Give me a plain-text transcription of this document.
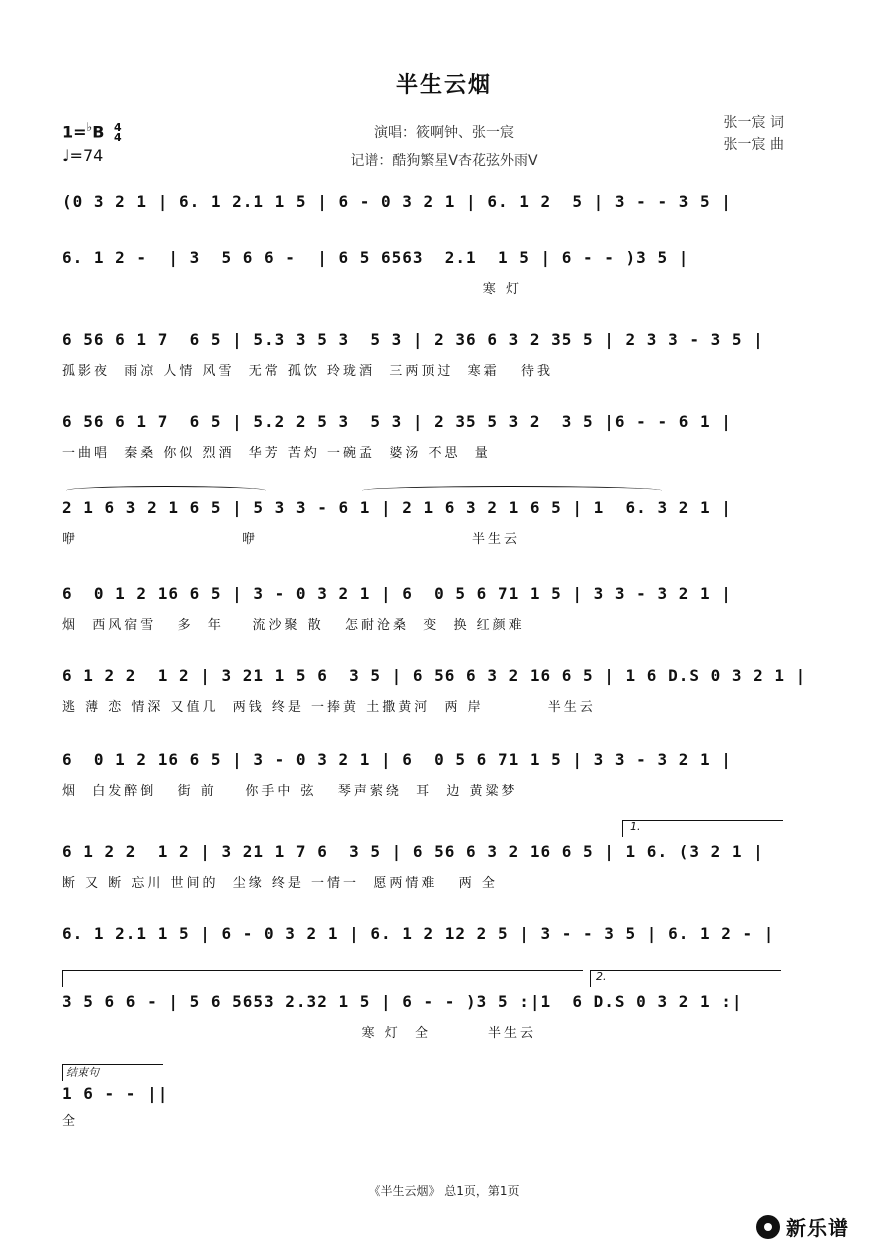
半生云烟
1=♭B 4
4
♩=74
演唱：筱啊钟、张一宸
记谱：酷狗繁星V杏花弦外雨V
张一宸 词
张一宸 曲
(0 3 2 1 | 6. 1 2.1 1 5 | 6 - 0 3 2 1 | 6. 1 2  5 | 3 - - 3 5 |
6. 1 2 -  | 3  5 6 6 -  | 6 5 6563  2.1  1 5 | 6 - - )3 5 |
寒 灯
6 56 6 1 7  6 5 | 5.3 3 5 3  5 3 | 2 36 6 3 2 35 5 | 2 3 3 - 3 5 |
孤影夜  雨凉 人情 风雪  无常 孤饮 玲珑酒  三两顶过  寒霜   待我
6 56 6 1 7  6 5 | 5.2 2 5 3  5 3 | 2 35 5 3 2  3 5 |6 - - 6 1 |
一曲唱  秦桑 你似 烈酒  华芳 苦灼 一碗孟  婆汤 不思  量
2 1 6 3 2 1 6 5 | 5 3 3 - 6 1 | 2 1 6 3 2 1 6 5 | 1  6. 3 2 1 |
咿                       咿                              半生云
6  0 1 2 16 6 5 | 3 - 0 3 2 1 | 6  0 5 6 71 1 5 | 3 3 - 3 2 1 |
烟  西风宿雪   多  年    流沙聚 散   怎耐沧桑  变  换 红颜难
6 1 2 2  1 2 | 3 21 1 5 6  3 5 | 6 56 6 3 2 16 6 5 | 1 6 D.S 0 3 2 1 |
逃 薄 恋 情深 又值几  两钱 终是 一捧黄 土撒黄河  两 岸         半生云
6  0 1 2 16 6 5 | 3 - 0 3 2 1 | 6  0 5 6 71 1 5 | 3 3 - 3 2 1 |
烟  白发醉倒   街 前    你手中 弦   琴声萦绕  耳  边 黄粱梦
1.
6 1 2 2  1 2 | 3 21 1 7 6  3 5 | 6 56 6 3 2 16 6 5 | 1 6. (3 2 1 |
断 又 断 忘川 世间的  尘缘 终是 一情一  愿两情难   两 全
6. 1 2.1 1 5 | 6 - 0 3 2 1 | 6. 1 2 12 2 5 | 3 - - 3 5 | 6. 1 2 - |
2.
3 5 6 6 - | 5 6 5653 2.32 1 5 | 6 - - )3 5 :|1  6 D.S 0 3 2 1 :|
寒 灯  全        半生云
结束句
1 6 - - ||
全
《半生云烟》 总1页，第1页
新乐谱
